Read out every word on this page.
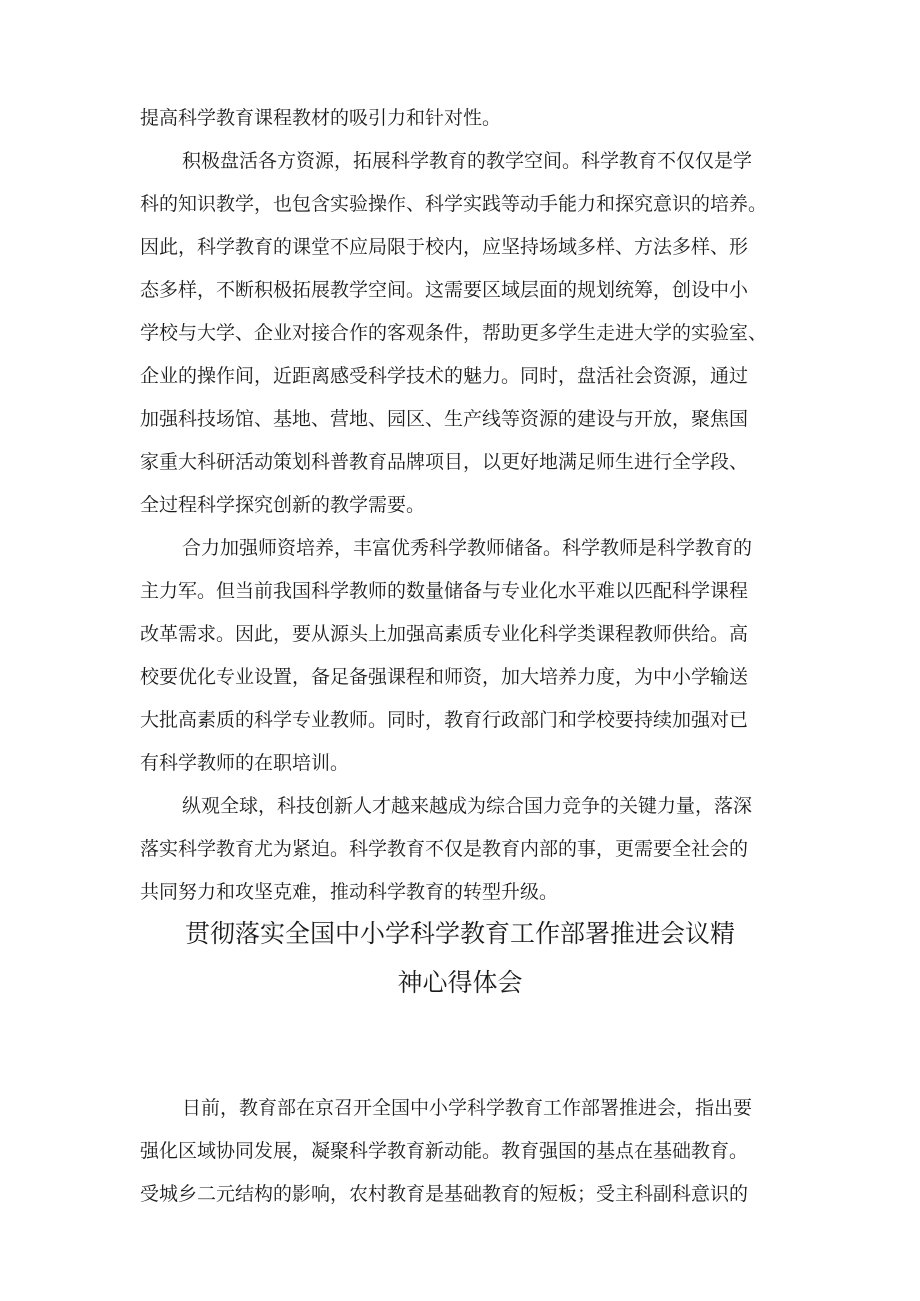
提高科学教育课程教材的吸引力和针对性。
积极盘活各方资源，拓展科学教育的教学空间。科学教育不仅仅是学
科的知识教学，也包含实验操作、科学实践等动手能力和探究意识的培养。
因此，科学教育的课堂不应局限于校内，应坚持场域多样、方法多样、形
态多样，不断积极拓展教学空间。这需要区域层面的规划统筹，创设中小
学校与大学、企业对接合作的客观条件，帮助更多学生走进大学的实验室、
企业的操作间，近距离感受科学技术的魅力。同时，盘活社会资源，通过
加强科技场馆、基地、营地、园区、生产线等资源的建设与开放，聚焦国
家重大科研活动策划科普教育品牌项目，以更好地满足师生进行全学段、
全过程科学探究创新的教学需要。
合力加强师资培养，丰富优秀科学教师储备。科学教师是科学教育的
主力军。但当前我国科学教师的数量储备与专业化水平难以匹配科学课程
改革需求。因此，要从源头上加强高素质专业化科学类课程教师供给。高
校要优化专业设置，备足备强课程和师资，加大培养力度，为中小学输送
大批高素质的科学专业教师。同时，教育行政部门和学校要持续加强对已
有科学教师的在职培训。
纵观全球，科技创新人才越来越成为综合国力竞争的关键力量，落深
落实科学教育尤为紧迫。科学教育不仅是教育内部的事，更需要全社会的
共同努力和攻坚克难，推动科学教育的转型升级。
贯彻落实全国中小学科学教育工作部署推进会议精
神心得体会
日前，教育部在京召开全国中小学科学教育工作部署推进会，指出要
强化区域协同发展，凝聚科学教育新动能。教育强国的基点在基础教育。
受城乡二元结构的影响，农村教育是基础教育的短板；受主科副科意识的
